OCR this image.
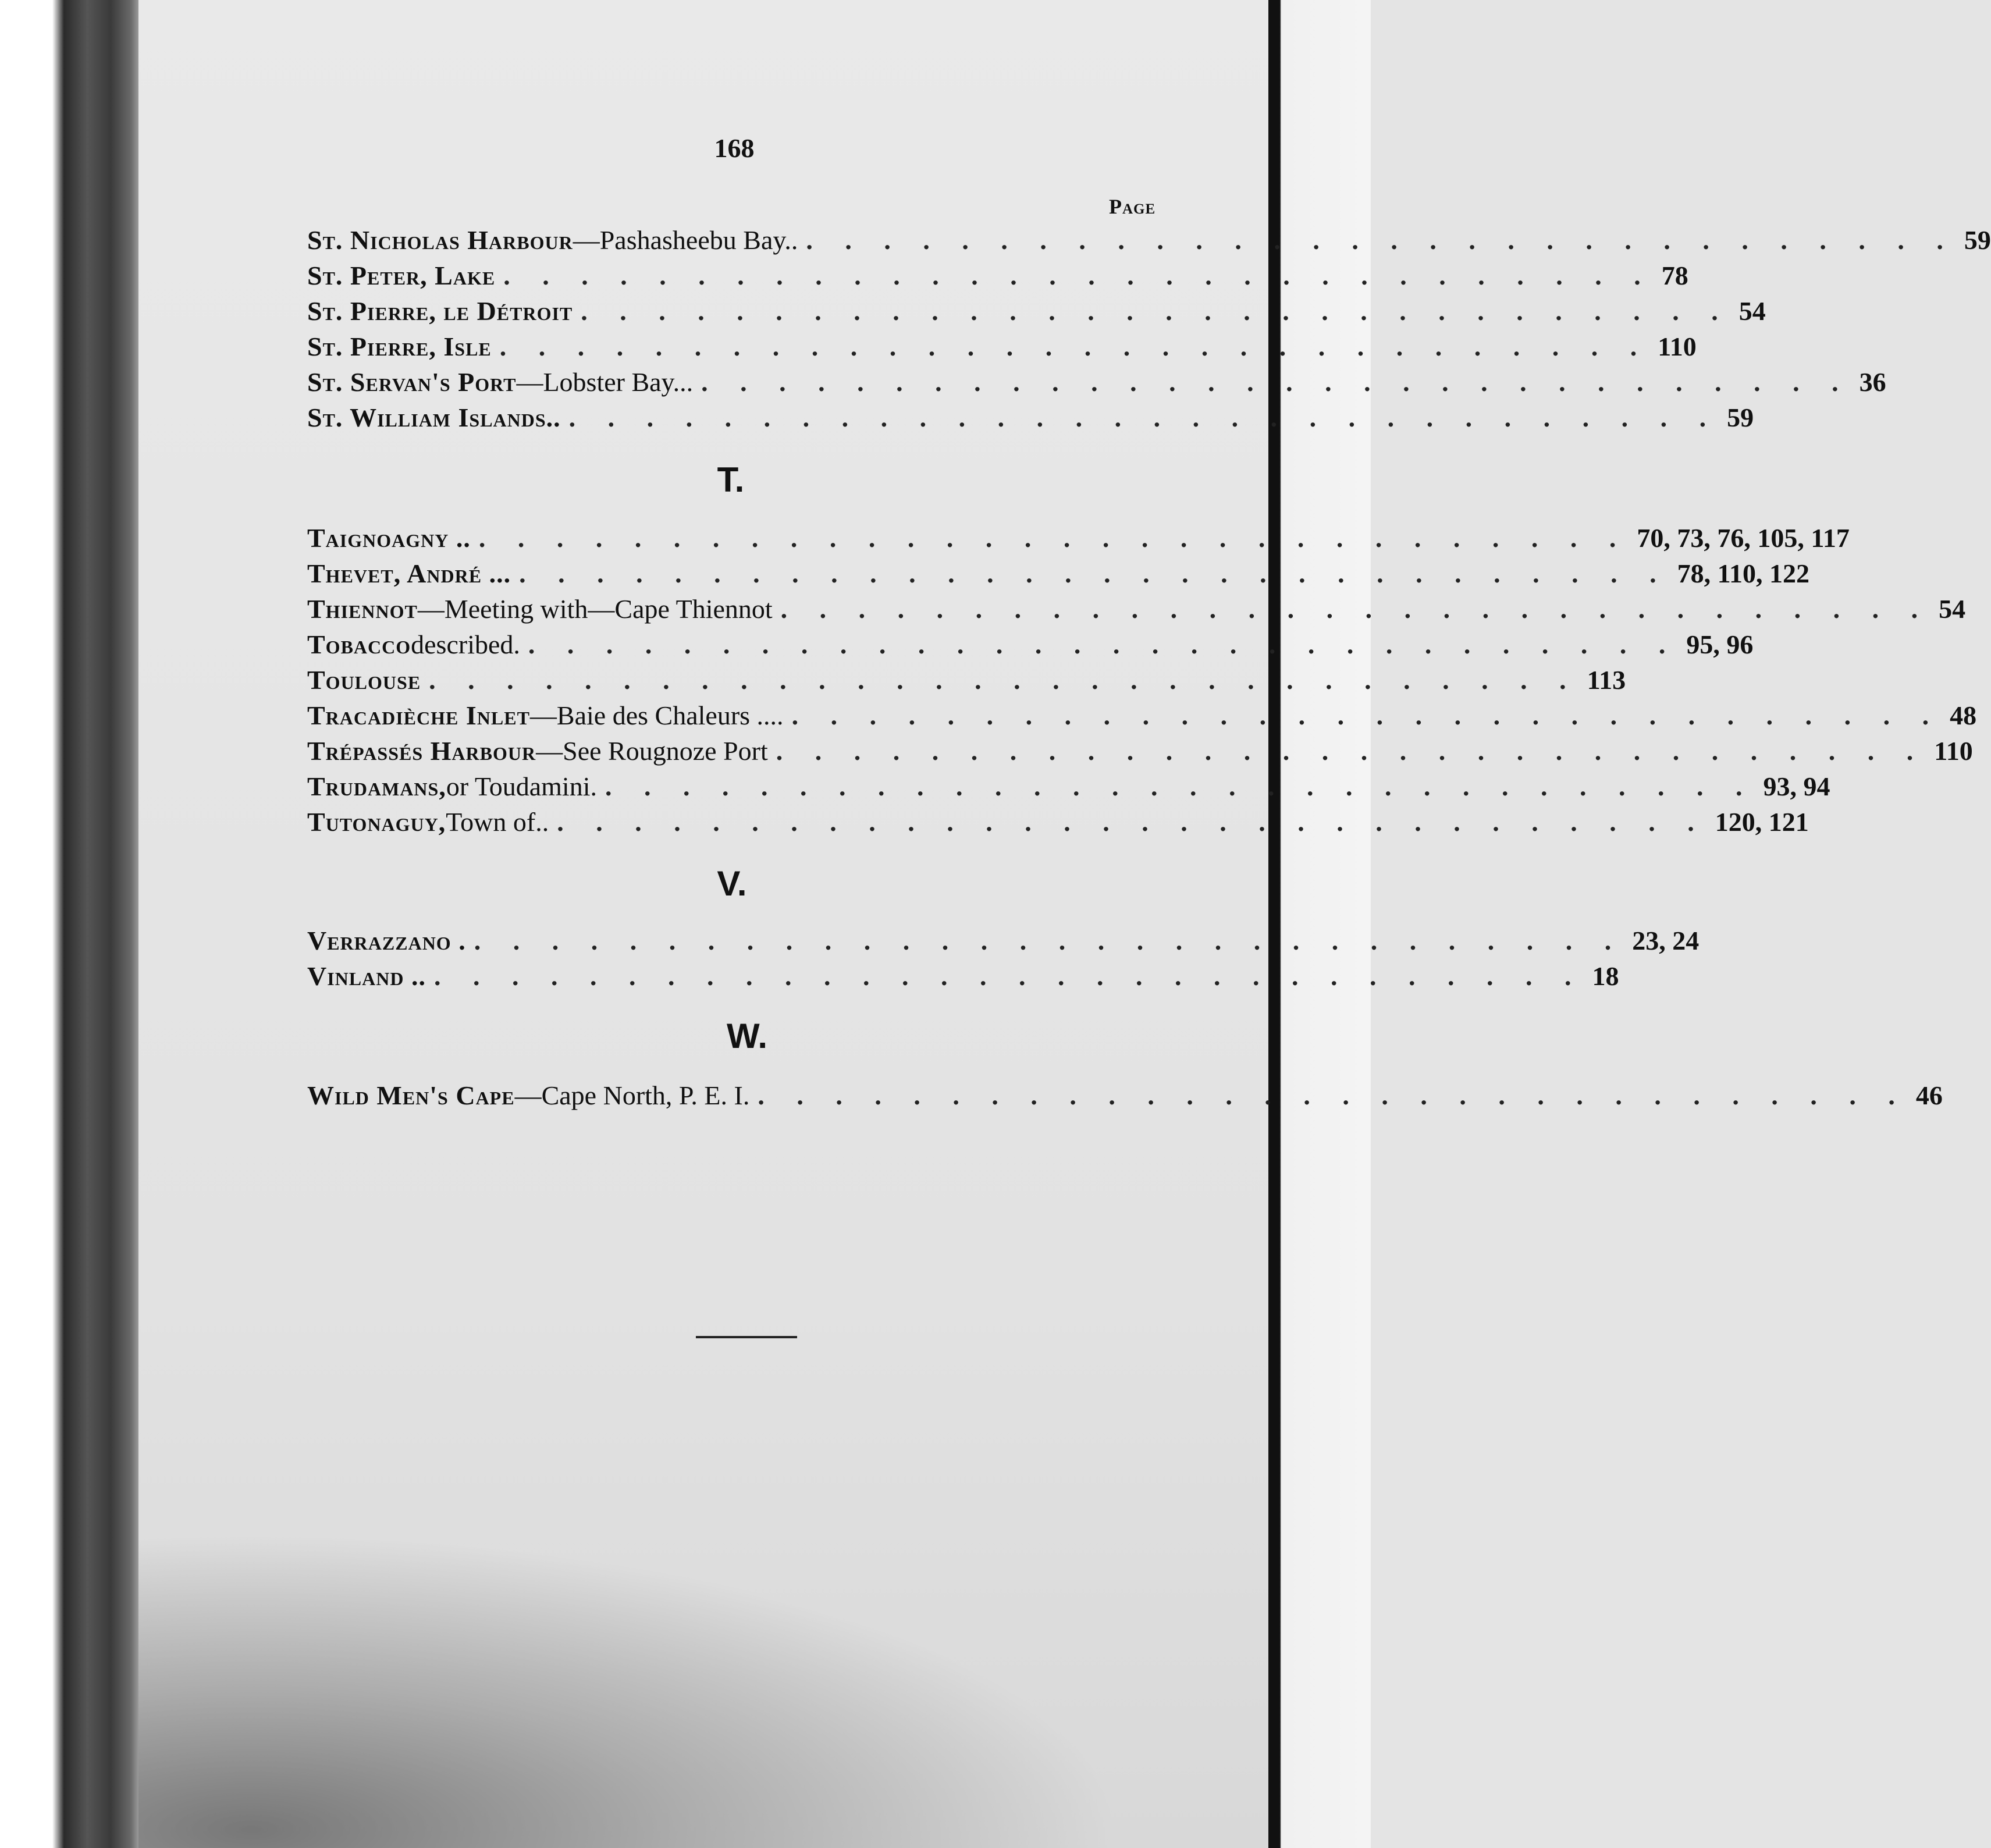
168
Page
St. Nicholas Harbour —Pashasheebu Bay.. . . . . . . . . . . . . . . . . . . . . . . . . . . . . . . 59
St. Peter, Lake . . . . . . . . . . . . . . . . . . . . . . . . . . . . . . 78
St. Pierre, le Détroit . . . . . . . . . . . . . . . . . . . . . . . . . . . . . . 54
St. Pierre, Isle . . . . . . . . . . . . . . . . . . . . . . . . . . . . . . 110
St. Servan's Port —Lobster Bay... . . . . . . . . . . . . . . . . . . . . . . . . . . . . . . 36
St. William Islands.. . . . . . . . . . . . . . . . . . . . . . . . . . . . . . . 59
T.
Taignoagny .. . . . . . . . . . . . . . . . . . . . . . . . . . . . . . . 70, 73, 76, 105, 117
Thevet, André ... . . . . . . . . . . . . . . . . . . . . . . . . . . . . . . 78, 110, 122
Thiennot —Meeting with—Cape Thiennot . . . . . . . . . . . . . . . . . . . . . . . . . . . . . . 54
Tobacco described. . . . . . . . . . . . . . . . . . . . . . . . . . . . . . . 95, 96
Toulouse . . . . . . . . . . . . . . . . . . . . . . . . . . . . . . 113
Tracadièche Inlet —Baie des Chaleurs .... . . . . . . . . . . . . . . . . . . . . . . . . . . . . . . 48
Trépassés Harbour —See Rougnoze Port . . . . . . . . . . . . . . . . . . . . . . . . . . . . . . 110
Trudamans, or Toudamini. . . . . . . . . . . . . . . . . . . . . . . . . . . . . . . 93, 94
Tutonaguy, Town of.. . . . . . . . . . . . . . . . . . . . . . . . . . . . . . . 120, 121
V.
Verrazzano . . . . . . . . . . . . . . . . . . . . . . . . . . . . . . . 23, 24
Vinland .. . . . . . . . . . . . . . . . . . . . . . . . . . . . . . . 18
W.
Wild Men's Cape —Cape North, P. E. I. . . . . . . . . . . . . . . . . . . . . . . . . . . . . . . 46
